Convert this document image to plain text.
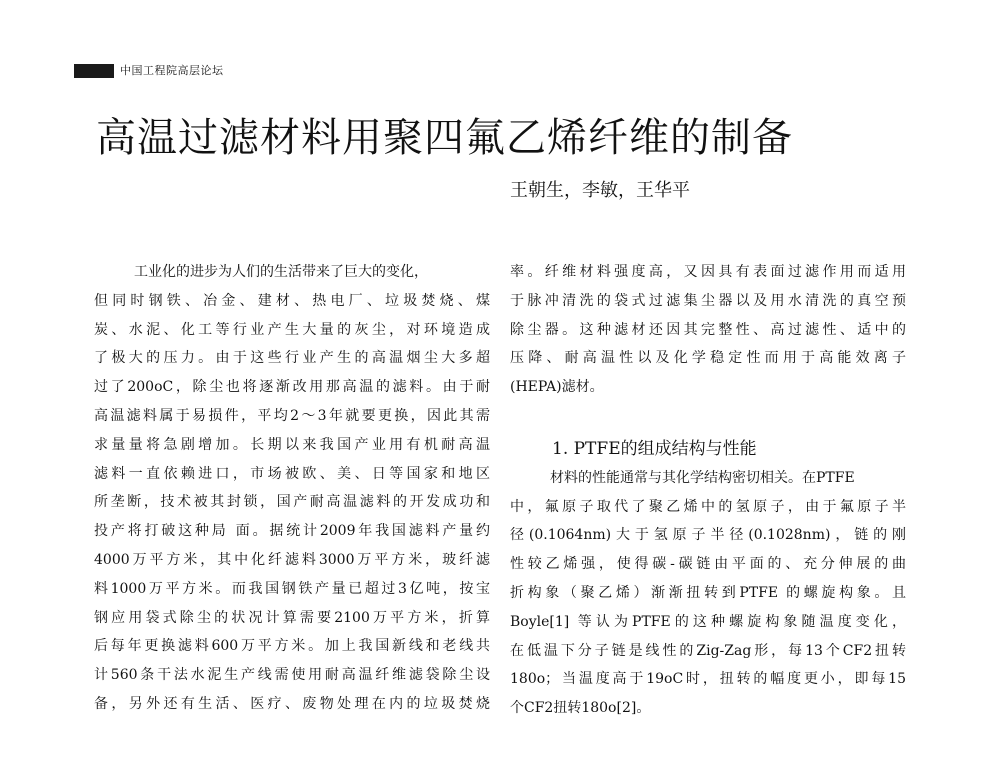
中国工程院高层论坛
高温过滤材料用聚四氟乙烯纤维的制备
王朝生，李敏，王华平
工业化的进步为人们的生活带来了巨大的变化，
但同时钢铁、冶金、建材、热电厂、垃圾焚烧、煤
炭、水泥、化工等行业产生大量的灰尘，对环境造成
了极大的压力。由于这些行业产生的高温烟尘大多超
过了200oC，除尘也将逐渐改用那高温的滤料。由于耐
高温滤料属于易损件，平均2～3年就要更换，因此其需
求量量将急剧增加。长期以来我国产业用有机耐高温
滤料一直依赖进口，市场被欧、美、日等国家和地区
所垄断，技术被其封锁，国产耐高温滤料的开发成功和
投产将打破这种局 面。据统计2009年我国滤料产量约
4000万平方米，其中化纤滤料3000万平方米，玻纤滤
料1000万平方米。而我国钢铁产量已超过3亿吨，按宝
钢应用袋式除尘的状况计算需要2100万平方米，折算
后每年更换滤料600万平方米。加上我国新线和老线共
计560条干法水泥生产线需使用耐高温纤维滤袋除尘设
备，另外还有生活、医疗、废物处理在内的垃圾焚烧
率。纤维材料强度高，又因具有表面过滤作用而适用
于脉冲清洗的袋式过滤集尘器以及用水清洗的真空预
除尘器。这种滤材还因其完整性、高过滤性、适中的
压降、耐高温性以及化学稳定性而用于高能效离子
(HEPA)滤材。
1. PTFE的组成结构与性能
材料的性能通常与其化学结构密切相关。在PTFE
中，氟原子取代了聚乙烯中的氢原子，由于氟原子半
径(0.1064nm)大于氢原子半径(0.1028nm)，链的刚
性较乙烯强，使得碳-碳链由平面的、充分伸展的曲
折构象（聚乙烯）渐渐扭转到PTFE 的螺旋构象。且
Boyle[1] 等认为PTFE的这种螺旋构象随温度变化，
在低温下分子链是线性的Zig-Zag形，每13个CF2扭转
180o；当温度高于19oC时，扭转的幅度更小，即每15
个CF2扭转180o[2]。
